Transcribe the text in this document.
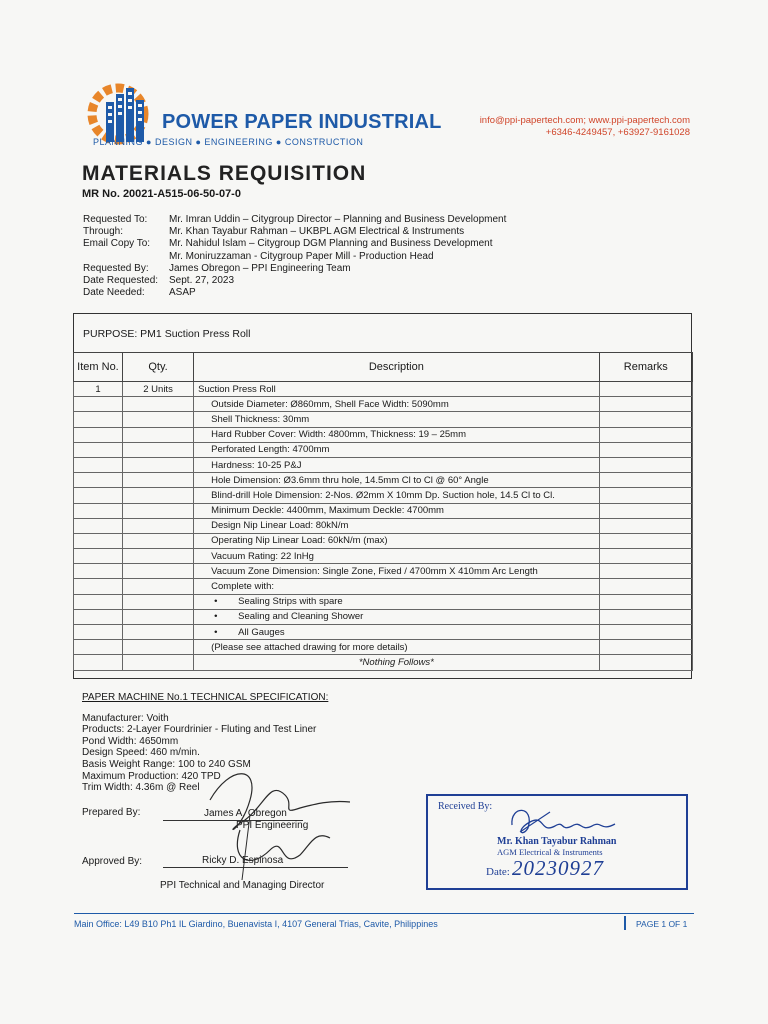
POWER PAPER INDUSTRIAL
PLANNING ● DESIGN ● ENGINEERING ● CONSTRUCTION
info@ppi-papertech.com; www.ppi-papertech.com
+6346-4249457, +63927-9161028
MATERIALS REQUISITION
MR No. 20021-A515-06-50-07-0
Requested To: Mr. Imran Uddin – Citygroup Director – Planning and Business Development
Through:	Mr. Khan Tayabur Rahman – UKBPL AGM Electrical & Instruments
Email Copy To: Mr. Nahidul Islam – Citygroup DGM Planning and Business Development
Mr. Moniruzzaman - Citygroup Paper Mill - Production Head
Requested By: James Obregon – PPI Engineering Team
Date Requested: Sept. 27, 2023
Date Needed: ASAP
PURPOSE: PM1 Suction Press Roll
Item No.	Qty.	Description	Remarks
1	2 Units	Suction Press Roll	
		Outside Diameter: Ø860mm, Shell Face Width: 5090mm	
		Shell Thickness: 30mm	
		Hard Rubber Cover: Width: 4800mm, Thickness: 19 – 25mm	
		Perforated Length: 4700mm	
		Hardness: 10-25 P&J	
		Hole Dimension: Ø3.6mm thru hole, 14.5mm Cl to Cl @ 60° Angle	
		Blind-drill Hole Dimension: 2-Nos. Ø2mm X 10mm Dp. Suction hole, 14.5 Cl to Cl.	
		Minimum Deckle: 4400mm, Maximum Deckle: 4700mm	
		Design Nip Linear Load: 80kN/m	
		Operating Nip Linear Load: 60kN/m (max)	
		Vacuum Rating: 22 InHg	
		Vacuum Zone Dimension: Single Zone, Fixed / 4700mm X 410mm Arc Length	
		Complete with:	
		• Sealing Strips with spare	
		• Sealing and Cleaning Shower	
		• All Gauges	
		(Please see attached drawing for more details)	
		*Nothing Follows*	
PAPER MACHINE No.1 TECHNICAL SPECIFICATION:
Manufacturer: Voith
Products: 2-Layer Fourdrinier - Fluting and Test Liner
Pond Width: 4650mm
Design Speed: 460 m/min.
Basis Weight Range: 100 to 240 GSM
Maximum Production: 420 TPD
Trim Width: 4.36m @ Reel
Prepared By:	James A. Obregon
PPI Engineering
Approved By:	Ricky D. Espinosa
PPI Technical and Managing Director
Received By:
Mr. Khan Tayabur Rahman
AGM Electrical & Instruments
Date: 20230927
Main Office: L49 B10 Ph1 IL Giardino, Buenavista I, 4107 General Trias, Cavite, Philippines	PAGE 1 OF 1
